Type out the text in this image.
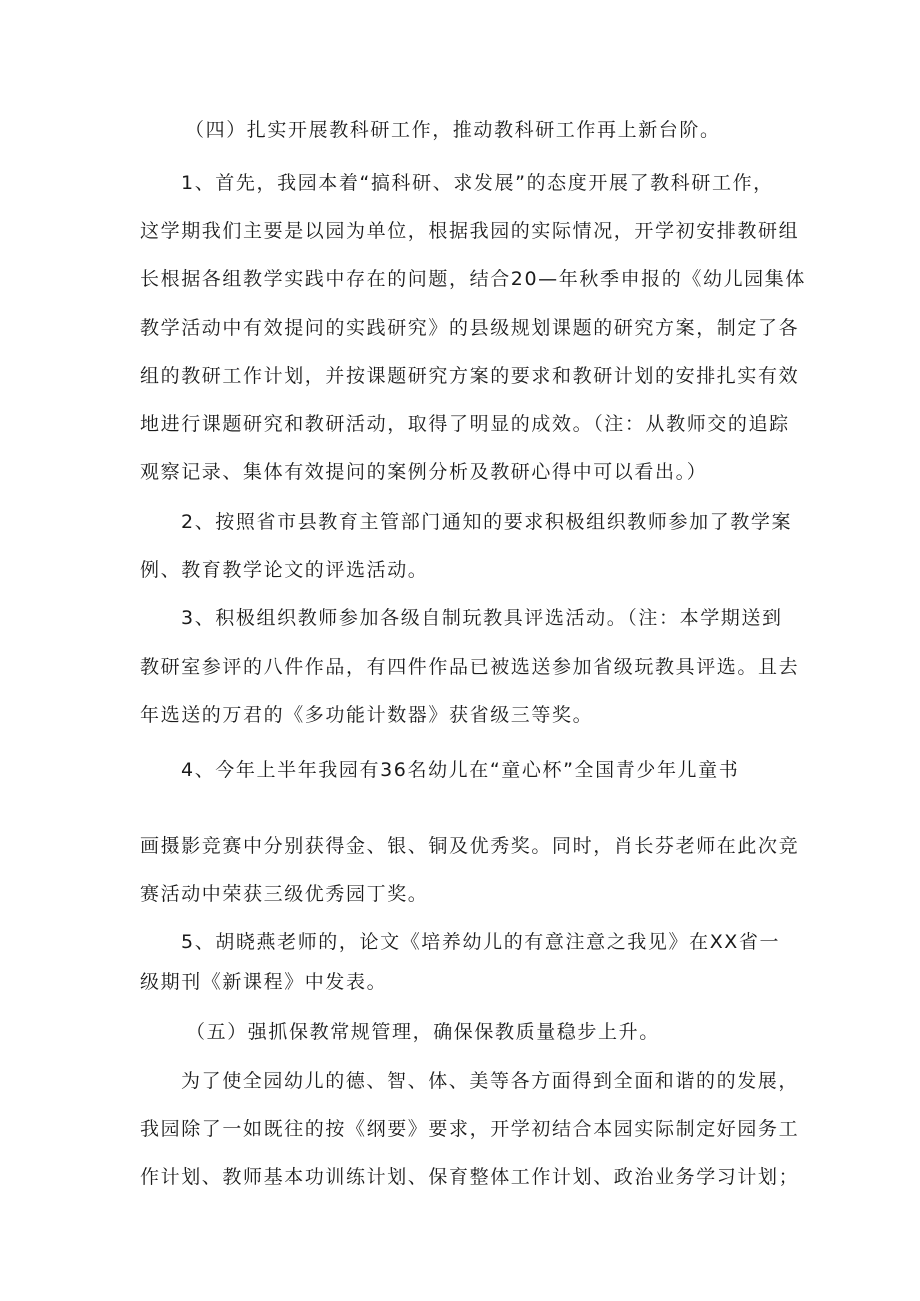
（四）扎实开展教科研工作，推动教科研工作再上新台阶。
1、首先，我园本着“搞科研、求发展”的态度开展了教科研工作，
这学期我们主要是以园为单位，根据我园的实际情况，开学初安排教研组
长根据各组教学实践中存在的问题，结合20—年秋季申报的《幼儿园集体
教学活动中有效提问的实践研究》的县级规划课题的研究方案，制定了各
组的教研工作计划，并按课题研究方案的要求和教研计划的安排扎实有效
地进行课题研究和教研活动，取得了明显的成效。（注：从教师交的追踪
观察记录、集体有效提问的案例分析及教研心得中可以看出。）
2、按照省市县教育主管部门通知的要求积极组织教师参加了教学案
例、教育教学论文的评选活动。
3、积极组织教师参加各级自制玩教具评选活动。（注：本学期送到
教研室参评的八件作品，有四件作品已被选送参加省级玩教具评选。且去
年选送的万君的《多功能计数器》获省级三等奖。
4、今年上半年我园有36名幼儿在“童心杯”全国青少年儿童书
画摄影竞赛中分别获得金、银、铜及优秀奖。同时，肖长芬老师在此次竞
赛活动中荣获三级优秀园丁奖。
5、胡晓燕老师的，论文《培养幼儿的有意注意之我见》在XX省一
级期刊《新课程》中发表。
（五）强抓保教常规管理，确保保教质量稳步上升。
为了使全园幼儿的德、智、体、美等各方面得到全面和谐的的发展，
我园除了一如既往的按《纲要》要求，开学初结合本园实际制定好园务工
作计划、教师基本功训练计划、保育整体工作计划、政治业务学习计划；
